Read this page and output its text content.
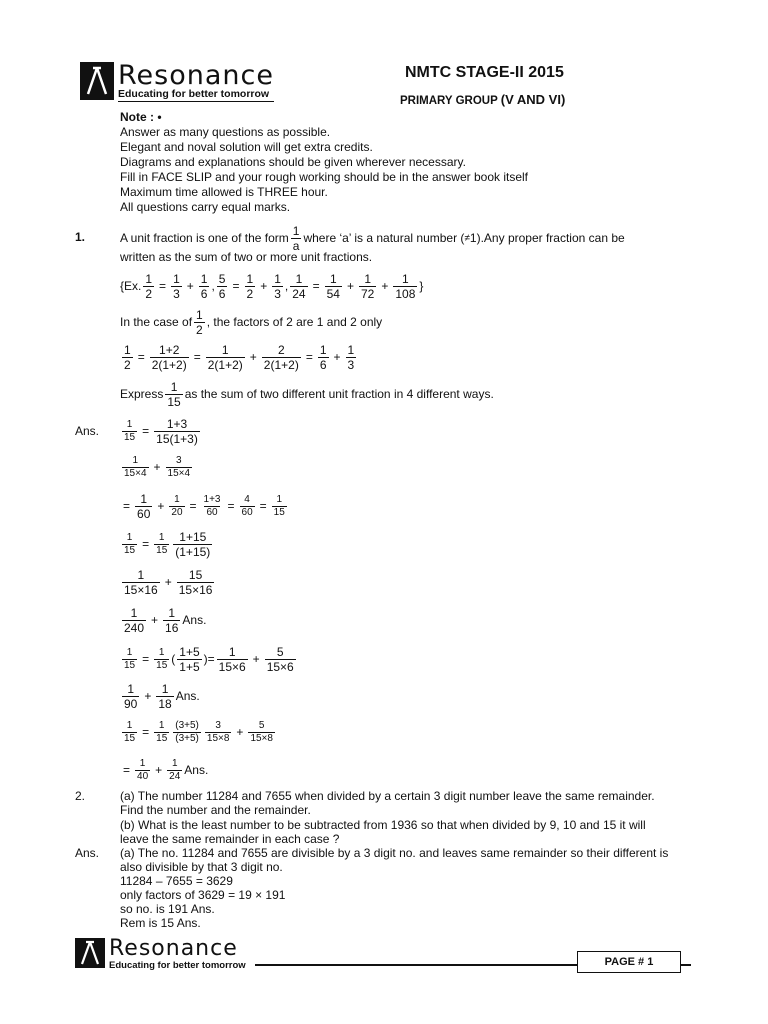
Resonance
Educating for better tomorrow
NMTC STAGE-II 2015
PRIMARY GROUP (V AND VI)
Note : •
Answer as many questions as possible.
Elegant and noval solution will get extra credits.
Diagrams and explanations should be given wherever necessary.
Fill in FACE SLIP and your rough working should be in the answer book itself
Maximum time allowed is THREE hour.
All questions carry equal marks.
1.	A unit fraction is one of the form $\frac{1}{a}$ where ‘a’ is a natural number ( ≠ 1).Any proper fraction can be
written as the sum of two or more unit fractions.
{Ex. $\frac{1}{2} = \frac{1}{3} + \frac{1}{6}$ , $\frac{5}{6} = \frac{1}{2} + \frac{1}{3}$ , $\frac{1}{24} = \frac{1}{54} + \frac{1}{72} + \frac{1}{108}$ }
In the case of $\frac{1}{2}$ , the factors of 2 are 1 and 2 only
$\frac{1}{2} = \frac{1+2}{2(1+2)} = \frac{1}{2(1+2)} + \frac{2}{2(1+2)} = \frac{1}{6} + \frac{1}{3}$
Express $\frac{1}{15}$ as the sum of two different unit fraction in 4 different ways.
Ans. $\frac{1}{15} = \frac{1+3}{15(1+3)}$
$\frac{1}{15\times 4} + \frac{3}{15\times 4}$
= $\frac{1}{60} + \frac{1}{20} = \frac{1+3}{60} = \frac{4}{60} = \frac{1}{15}$
$\frac{1}{15} = \frac{1}{15} \frac{1+15}{(1+15)}$
$\frac{1}{15\times 16} + \frac{15}{15\times 16}$
$\frac{1}{240} + \frac{1}{16}$ Ans.
$\frac{1}{15} = \frac{1}{15}$ ( $\frac{1+5}{1+5}$ )= $\frac{1}{15\times 6} + \frac{5}{15\times 6}$
$\frac{1}{90} + \frac{1}{18}$ Ans.
$\frac{1}{15} = \frac{1}{15} \frac{(3+5)}{(3+5)} \frac{3}{15\times 8} + \frac{5}{15\times 8}$
= $\frac{1}{40} + \frac{1}{24}$ Ans.
2.	(a) The number 11284 and 7655 when divided by a certain 3 digit number leave the same remainder.
Find the number and the remainder.
(b) What is the least number to be subtracted from 1936 so that when divided by 9, 10 and 15 it will
leave the same remainder in each case ?
Ans. (a) The no. 11284 and 7655 are divisible by a 3 digit no. and leaves same remainder so their different is
also divisible by that 3 digit no.
11284 – 7655 = 3629
only factors of 3629 = 19 × 191
so no. is 191 Ans.
Rem is 15 Ans.
Resonance
Educating for better tomorrow	PAGE # 1
